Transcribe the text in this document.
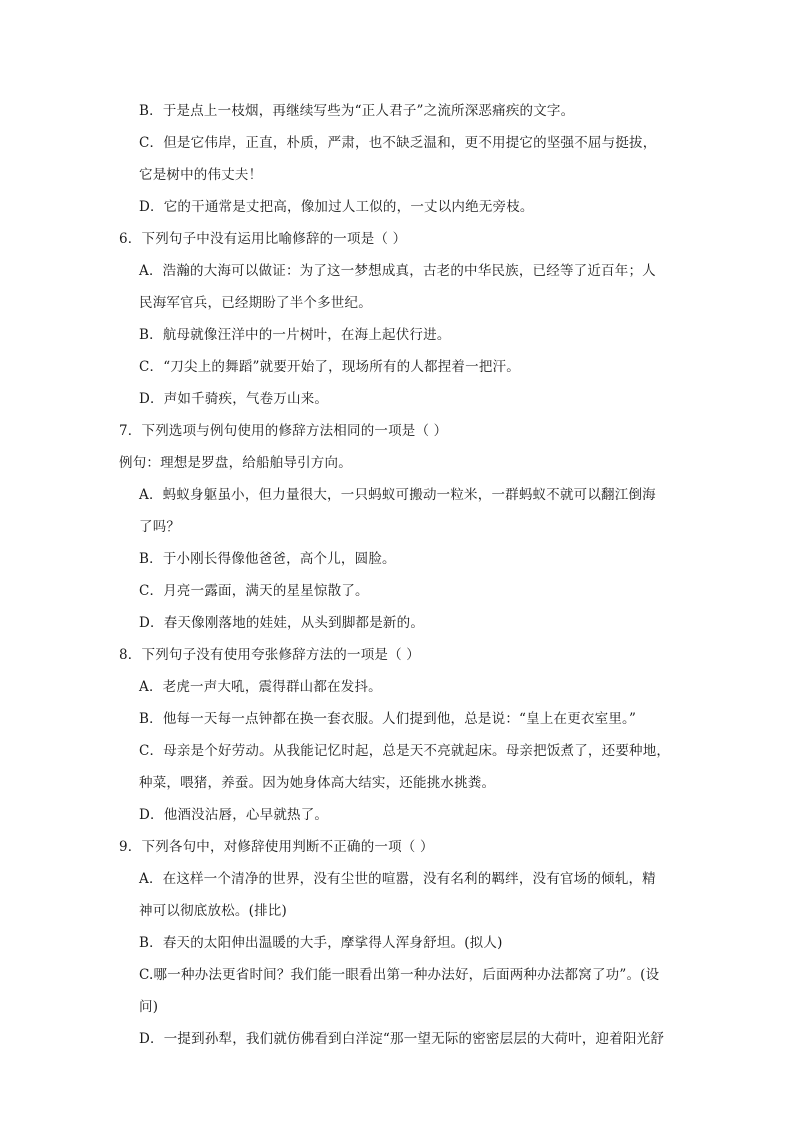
B．于是点上一枝烟，再继续写些为“正人君子”之流所深恶痛疾的文字。
C．但是它伟岸，正直，朴质，严肃，也不缺乏温和，更不用提它的坚强不屈与挺拔，
它是树中的伟丈夫！
D．它的干通常是丈把高，像加过人工似的，一丈以内绝无旁枝。
6．下列句子中没有运用比喻修辞的一项是（ ）
A．浩瀚的大海可以做证：为了这一梦想成真，古老的中华民族，已经等了近百年；人
民海军官兵，已经期盼了半个多世纪。
B．航母就像汪洋中的一片树叶，在海上起伏行进。
C．“刀尖上的舞蹈”就要开始了，现场所有的人都捏着一把汗。
D．声如千骑疾，气卷万山来。
7．下列选项与例句使用的修辞方法相同的一项是（ ）
例句：理想是罗盘，给船舶导引方向。
A．蚂蚁身躯虽小，但力量很大，一只蚂蚁可搬动一粒米，一群蚂蚁不就可以翻江倒海
了吗？
B．于小刚长得像他爸爸，高个儿，圆脸。
C．月亮一露面，满天的星星惊散了。
D．春天像刚落地的娃娃，从头到脚都是新的。
8．下列句子没有使用夸张修辞方法的一项是（ ）
A．老虎一声大吼，震得群山都在发抖。
B．他每一天每一点钟都在换一套衣服。人们提到他，总是说：“皇上在更衣室里。”
C．母亲是个好劳动。从我能记忆时起，总是天不亮就起床。母亲把饭煮了，还要种地，
种菜，喂猪，养蚕。因为她身体高大结实，还能挑水挑粪。
D．他酒没沾唇，心早就热了。
9．下列各句中，对修辞使用判断不正确的一项（ ）
A．在这样一个清净的世界，没有尘世的喧嚣，没有名利的羁绊，没有官场的倾轧，精
神可以彻底放松。(排比)
B．春天的太阳伸出温暖的大手，摩挲得人浑身舒坦。(拟人)
C.哪一种办法更省时间？我们能一眼看出第一种办法好，后面两种办法都窝了功”。(设
问)
D．一提到孙犁，我们就仿佛看到白洋淀“那一望无际的密密层层的大荷叶，迎着阳光舒
